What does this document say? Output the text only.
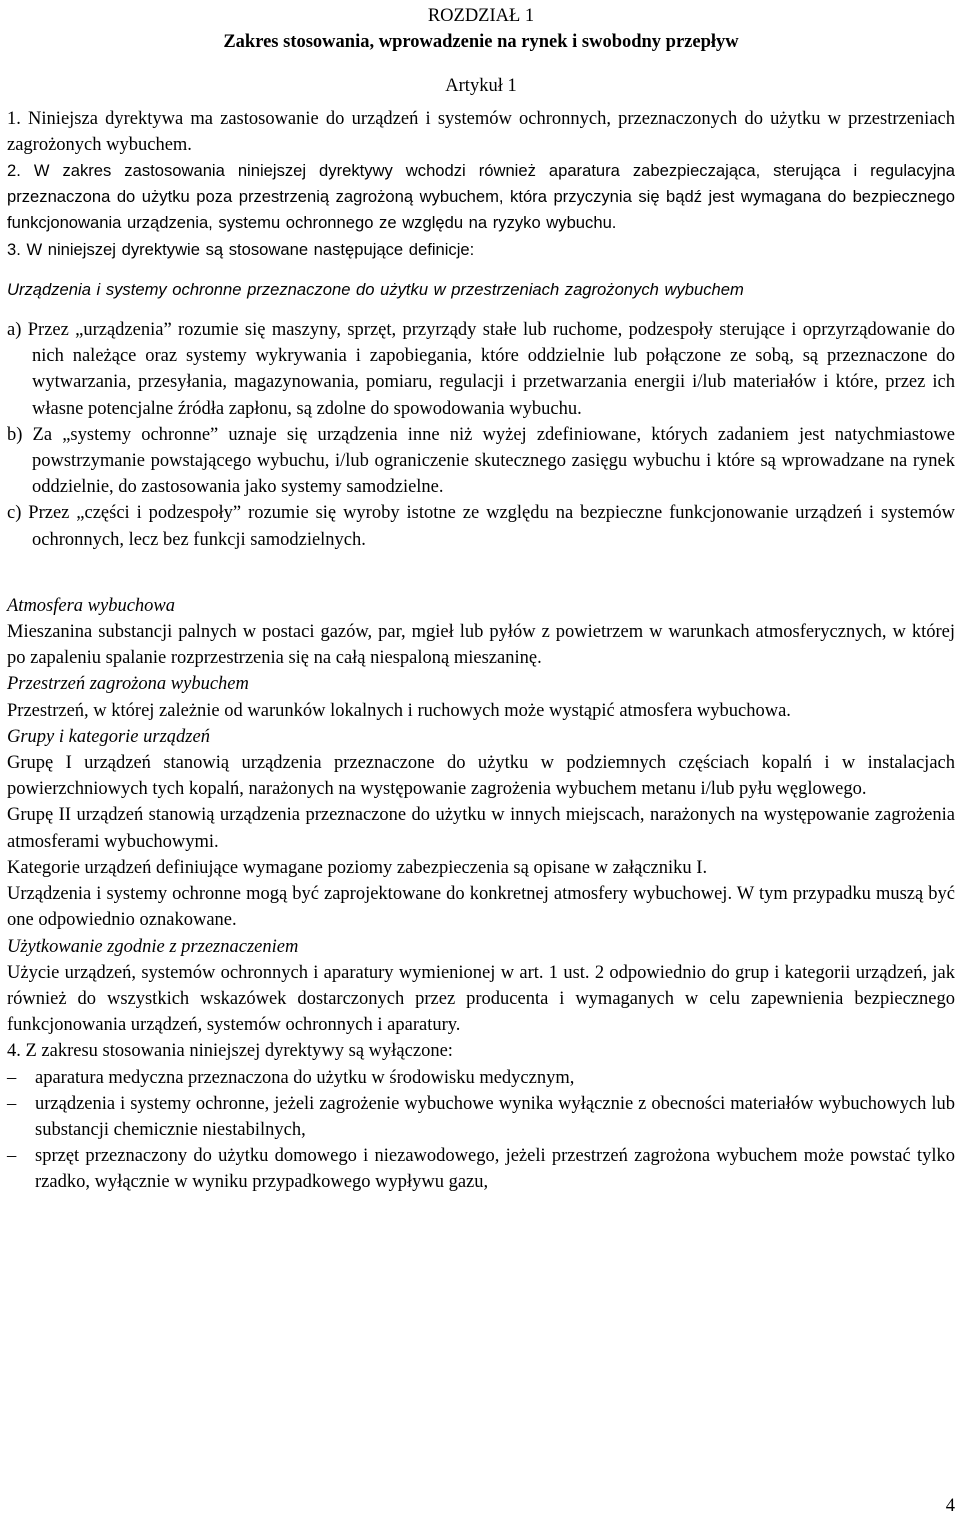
ROZDZIAŁ 1

Zakres stosowania, wprowadzenie na rynek i swobodny przepływ

Artykuł 1

1. Niniejsza dyrektywa ma zastosowanie do urządzeń i systemów ochronnych, przeznaczonych do użytku w przestrzeniach zagrożonych wybuchem.

2. W zakres zastosowania niniejszej dyrektywy wchodzi również aparatura zabezpieczająca, sterująca i regulacyjna przeznaczona do użytku poza przestrzenią zagrożoną wybuchem, która przyczynia się bądź jest wymagana do bezpiecznego funkcjonowania urządzenia, systemu ochronnego ze względu na ryzyko wybuchu.

3. W niniejszej dyrektywie są stosowane następujące definicje:

Urządzenia i systemy ochronne przeznaczone do użytku w przestrzeniach zagrożonych wybuchem

a) Przez „urządzenia” rozumie się maszyny, sprzęt, przyrządy stałe lub ruchome, podzespoły sterujące i oprzyrządowanie do nich należące oraz systemy wykrywania i zapobiegania, które oddzielnie lub połączone ze sobą, są przeznaczone do wytwarzania, przesyłania, magazynowania, pomiaru, regulacji i przetwarzania energii i/lub materiałów i które, przez ich własne potencjalne źródła zapłonu, są zdolne do spowodowania wybuchu.

b) Za „systemy ochronne” uznaje się urządzenia inne niż wyżej zdefiniowane, których zadaniem jest natychmiastowe powstrzymanie powstającego wybuchu, i/lub ograniczenie skutecznego zasięgu wybuchu i które są wprowadzane na rynek oddzielnie, do zastosowania jako systemy samodzielne.

c) Przez „części i podzespoły” rozumie się wyroby istotne ze względu na bezpieczne funkcjonowanie urządzeń i systemów ochronnych, lecz bez funkcji samodzielnych.

Atmosfera wybuchowa

Mieszanina substancji palnych w postaci gazów, par, mgieł lub pyłów z powietrzem w warunkach atmosferycznych, w której po zapaleniu spalanie rozprzestrzenia się na całą niespaloną mieszaninę.

Przestrzeń zagrożona wybuchem

Przestrzeń, w której zależnie od warunków lokalnych i ruchowych może wystąpić atmosfera wybuchowa.

Grupy i kategorie urządzeń

Grupę I urządzeń stanowią urządzenia przeznaczone do użytku w podziemnych częściach kopalń i w instalacjach powierzchniowych tych kopalń, narażonych na występowanie zagrożenia wybuchem metanu i/lub pyłu węglowego.

Grupę II urządzeń stanowią urządzenia przeznaczone do użytku w innych miejscach, narażonych na występowanie zagrożenia atmosferami wybuchowymi.

Kategorie urządzeń definiujące wymagane poziomy zabezpieczenia są opisane w załączniku I.

Urządzenia i systemy ochronne mogą być zaprojektowane do konkretnej atmosfery wybuchowej. W tym przypadku muszą być one odpowiednio oznakowane.

Użytkowanie zgodnie z przeznaczeniem

Użycie urządzeń, systemów ochronnych i aparatury wymienionej w art. 1 ust. 2 odpowiednio do grup i kategorii urządzeń, jak również do wszystkich wskazówek dostarczonych przez producenta i wymaganych w celu zapewnienia bezpiecznego funkcjonowania urządzeń, systemów ochronnych i aparatury.

4. Z zakresu stosowania niniejszej dyrektywy są wyłączone:

– aparatura medyczna przeznaczona do użytku w środowisku medycznym,
– urządzenia i systemy ochronne, jeżeli zagrożenie wybuchowe wynika wyłącznie z obecności materiałów wybuchowych lub substancji chemicznie niestabilnych,
– sprzęt przeznaczony do użytku domowego i niezawodowego, jeżeli przestrzeń zagrożona wybuchem może powstać tylko rzadko, wyłącznie w wyniku przypadkowego wypływu gazu,

4
